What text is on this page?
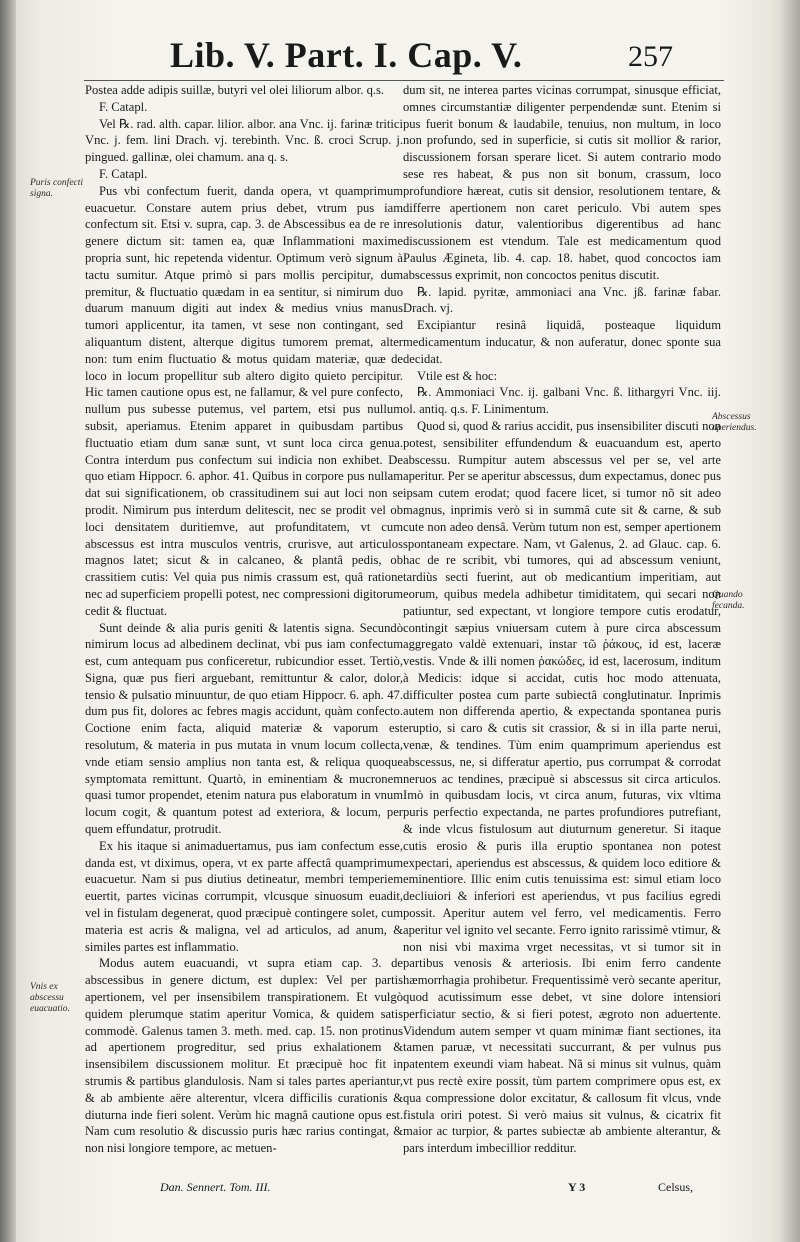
Lib. V. Part. I. Cap. V.	257
Puris confecti signa.
Abscessus aperiendus.
Quando fecanda.
Vnis ex abscessu euacuatio.

Postea adde adipis suillæ, butyri vel olei liliorum albor. q.s.

F. Catapl.

Vel ℞. rad. alth. capar. lilior. albor. ana Vnc. ij. farinæ tritici Vnc. j. fem. lini Drach. vj. terebinth. Vnc. ß. croci Scrup. j. pingued. gallinæ, olei chamum. ana q. s.

F. Catapl.

Pus vbi confectum fuerit, danda opera, vt quamprimum euacuetur. Constare autem prius debet, vtrum pus iam confectum sit. Etsi v. supra, cap. 3. de Abscessibus ea de re in genere dictum sit: tamen ea, quæ Inflammationi maxime propria sunt, hic repetenda videntur. Optimum verò signum à tactu sumitur. Atque primò si pars mollis percipitur, dum premitur, & fluctuatio quædam in ea sentitur, si nimirum duo duarum manuum digiti aut index & medius vnius manus tumori applicentur, ita tamen, vt sese non contingant, sed aliquantum distent, alterque digitus tumorem premat, alter non: tum enim fluctuatio & motus quidam materiæ, quæ de loco in locum propellitur sub altero digito quieto percipitur. Hic tamen cautione opus est, ne fallamur, & vel pure confecto, nullum pus subesse putemus, vel partem, etsi pus nullum subsit, aperiamus. Etenim apparet in quibusdam partibus fluctuatio etiam dum sanæ sunt, vt sunt loca circa genua. Contra interdum pus confectum sui indicia non exhibet. De quo etiam Hippocr. 6. aphor. 41. Quibus in corpore pus nullam dat sui significationem, ob crassitudinem sui aut loci non se prodit. Nimirum pus interdum delitescit, nec se prodit vel ob loci densitatem duritiemve, aut profunditatem, vt cum abscessus est intra musculos ventris, crurisve, aut articulos magnos latet; sicut & in calcaneo, & plantâ pedis, ob crassitiem cutis: Vel quia pus nimis crassum est, quâ ratione nec ad superficiem propelli potest, nec compressioni digitorum cedit & fluctuat.

Sunt deinde & alia puris geniti & latentis signa. Secundò nimirum locus ad albedinem declinat, vbi pus iam confectum est, cum antequam pus conficeretur, rubicundior esset. Tertiò, Signa, quæ pus fieri arguebant, remittuntur & calor, dolor, tensio & pulsatio minuuntur, de quo etiam Hippocr. 6. aph. 47. dum pus fit, dolores ac febres magis accidunt, quàm confecto. Coctione enim facta, aliquid materiæ & vaporum est resolutum, & materia in pus mutata in vnum locum collecta, vnde etiam sensio amplius non tanta est, & reliqua quoque symptomata remittunt. Quartò, in eminentiam & mucronem quasi tumor propendet, etenim natura pus elaboratum in vnum locum cogit, & quantum potest ad exteriora, & locum, per quem effundatur, protrudit.

Ex his itaque si animaduertamus, pus iam confectum esse, danda est, vt diximus, opera, vt ex parte affectâ quamprimum euacuetur. Nam si pus diutius detineatur, membri temperiem euertit, partes vicinas corrumpit, vlcusque sinuosum euadit, vel in fistulam degenerat, quod præcipuè contingere solet, cum materia est acris & maligna, vel ad articulos, ad anum, & similes partes est inflammatio.

Modus autem euacuandi, vt supra etiam cap. 3. de abscessibus in genere dictum, est duplex: Vel per partis apertionem, vel per insensibilem transpirationem. Et vulgò quidem plerumque statim aperitur Vomica, & quidem satis commodè. Galenus tamen 3. meth. med. cap. 15. non protinus ad apertionem progreditur, sed prius exhalationem & insensibilem discussionem molitur. Et præcipuè hoc fit in strumis & partibus glandulosis. Nam si tales partes aperiantur, & ab ambiente aëre alterentur, vlcera difficilis curationis & diuturna inde fieri solent. Verùm hic magnâ cautione opus est. Nam cum resolutio & discussio puris hæc rarius contingat, & non nisi longiore tempore, ac metuen-

dum sit, ne interea partes vicinas corrumpat, sinusque efficiat, omnes circumstantiæ diligenter perpendendæ sunt. Etenim si pus fuerit bonum & laudabile, tenuius, non multum, in loco non profundo, sed in superficie, si cutis sit mollior & rarior, discussionem forsan sperare licet. Si autem contrario modo sese res habeat, & pus non sit bonum, crassum, loco profundiore hæreat, cutis sit densior, resolutionem tentare, & differre apertionem non caret periculo. Vbi autem spes resolutionis datur, valentioribus digerentibus ad hanc discussionem est vtendum. Tale est medicamentum quod Paulus Ægineta, lib. 4. cap. 18. habet, quod concoctos iam abscessus exprimit, non concoctos penitus discutit.

℞. lapid. pyritæ, ammoniaci ana Vnc. jß. farinæ fabar. Drach. vj.

Excipiantur resinâ liquidâ, posteaque liquidum medicamentum inducatur, & non auferatur, donec sponte sua decidat.

Vtile est & hoc:

℞. Ammoniaci Vnc. ij. galbani Vnc. ß. lithargyri Vnc. iij. ol. antiq. q.s. F. Linimentum.

Quod si, quod & rarius accidit, pus insensibiliter discuti non potest, sensibiliter effundendum & euacuandum est, aperto abscessu. Rumpitur autem abscessus vel per se, vel arte aperitur. Per se aperitur abscessus, dum expectamus, donec pus ipsam cutem erodat; quod facere licet, si tumor nõ sit adeo magnus, inprimis verò si in summâ cute sit & carne, & sub cute non adeo densâ. Verùm tutum non est, semper apertionem spontaneam expectare. Nam, vt Galenus, 2. ad Glauc. cap. 6. hac de re scribit, vbi tumores, qui ad abscessum veniunt, tardiùs secti fuerint, aut ob medicantium imperitiam, aut eorum, quibus medela adhibetur timiditatem, qui secari non patiuntur, sed expectant, vt longiore tempore cutis erodatur, contingit sæpius vniuersam cutem à pure circa abscessum aggregato valdè extenuari, instar τῶ ῥάκους, id est, laceræ vestis. Vnde & illi nomen ῥακώδες, id est, lacerosum, inditum à Medicis: idque si accidat, cutis hoc modo attenuata, difficulter postea cum parte subiectâ conglutinatur. Inprimis autem non differenda apertio, & expectanda spontanea puris eruptio, si caro & cutis sit crassior, & si in illa parte nerui, venæ, & tendines. Tùm enim quamprimum aperiendus est abscessus, ne, si differatur apertio, pus corrumpat & corrodat neruos ac tendines, præcipuè si abscessus sit circa articulos. Imò in quibusdam locis, vt circa anum, futuras, vix vltima puris perfectio expectanda, ne partes profundiores putrefiant, & inde vlcus fistulosum aut diuturnum generetur. Si itaque cutis erosio & puris illa eruptio spontanea non potest expectari, aperiendus est abscessus, & quidem loco editiore & eminentiore. Illic enim cutis tenuissima est: simul etiam loco decliuiori & inferiori est aperiendus, vt pus facilius egredi possit. Aperitur autem vel ferro, vel medicamentis. Ferro aperitur vel ignito vel secante. Ferro ignito rarissimè vtimur, & non nisi vbi maxima vrget necessitas, vt si tumor sit in partibus venosis & arteriosis. Ibi enim ferro candente hæmorrhagia prohibetur. Frequentissimè verò secante aperitur, quod acutissimum esse debet, vt sine dolore intensiori perficiatur sectio, & si fieri potest, ægroto non aduertente. Videndum autem semper vt quam minimæ fiant sectiones, ita tamen paruæ, vt necessitati succurrant, & per vulnus pus patentem exeundi viam habeat. Nã si minus sit vulnus, quàm vt pus rectè exire possit, tùm partem comprimere opus est, ex qua compressione dolor excitatur, & callosum fit vlcus, vnde fistula oriri potest. Si verò maius sit vulnus, & cicatrix fit maior ac turpior, & partes subiectæ ab ambiente alterantur, & pars interdum imbecillior redditur.

Dan. Sennert. Tom. III.	Y 3	Celsus,
